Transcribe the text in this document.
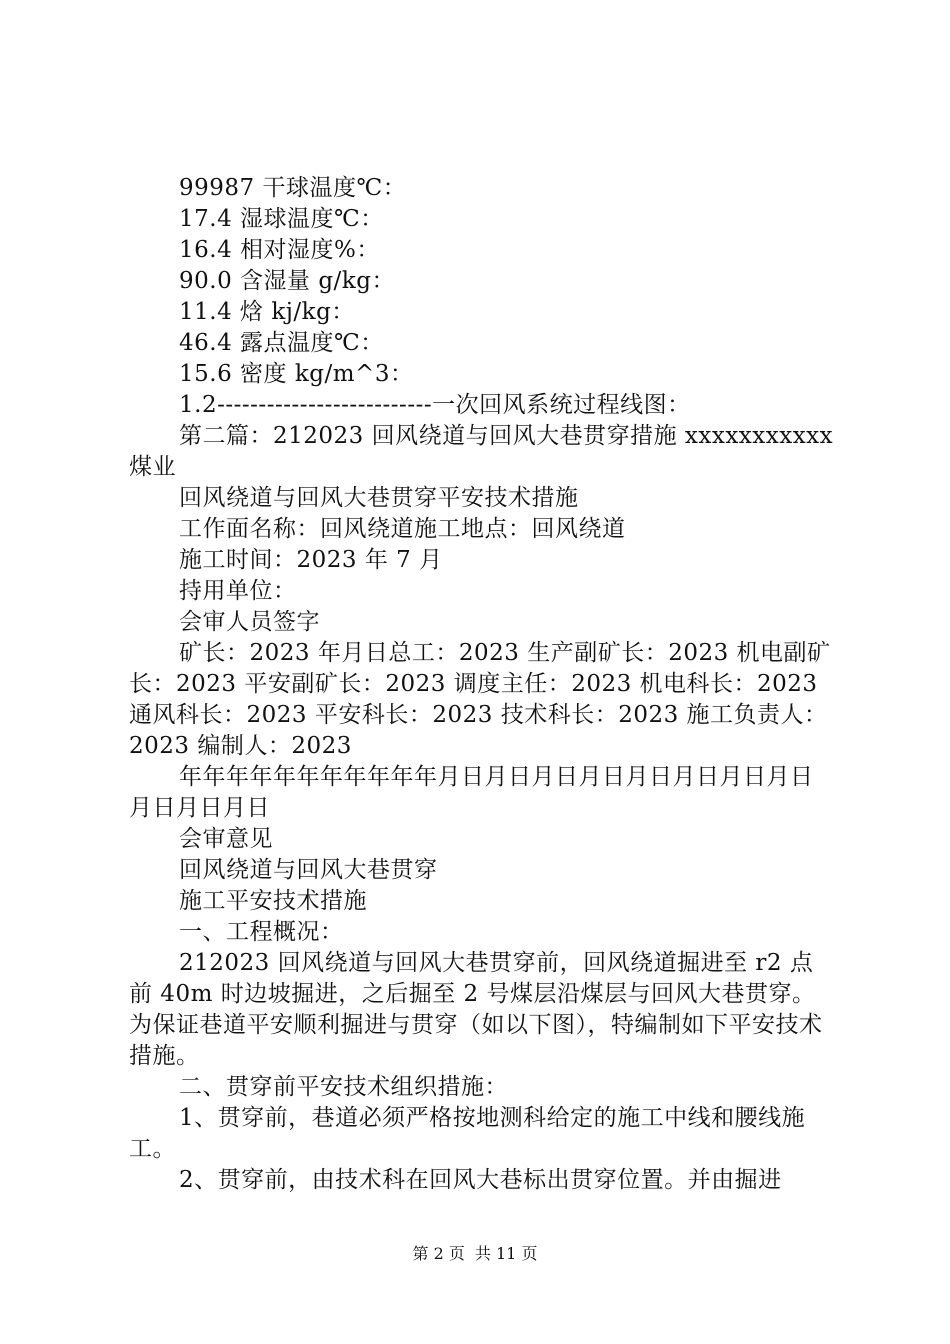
99987 干球温度℃：

17.4 湿球温度℃：

16.4 相对湿度%：

90.0 含湿量 g/kg：

11.4 焓 kj/kg：

46.4 露点温度℃：

15.6 密度 kg/m^3：

1.2--------------------------一次回风系统过程线图：

第二篇：212023 回风绕道与回风大巷贯穿措施 xxxxxxxxxxx 煤业

回风绕道与回风大巷贯穿平安技术措施

工作面名称：回风绕道施工地点：回风绕道

施工时间：2023 年 7 月

持用单位：

会审人员签字

矿长：2023 年月日总工：2023 生产副矿长：2023 机电副矿长：2023 平安副矿长：2023 调度主任：2023 机电科长：2023 通风科长：2023 平安科长：2023 技术科长：2023 施工负责人：2023 编制人：2023

年年年年年年年年年年年月日月日月日月日月日月日月日月日月日月日月日

会审意见

回风绕道与回风大巷贯穿

施工平安技术措施

一、工程概况：

212023 回风绕道与回风大巷贯穿前，回风绕道掘进至 r2 点前 40m 时边坡掘进，之后掘至 2 号煤层沿煤层与回风大巷贯穿。为保证巷道平安顺利掘进与贯穿（如以下图），特编制如下平安技术措施。

二、贯穿前平安技术组织措施：

1、贯穿前，巷道必须严格按地测科给定的施工中线和腰线施工。

2、贯穿前，由技术科在回风大巷标出贯穿位置。并由掘进

第 2 页 共 11 页
